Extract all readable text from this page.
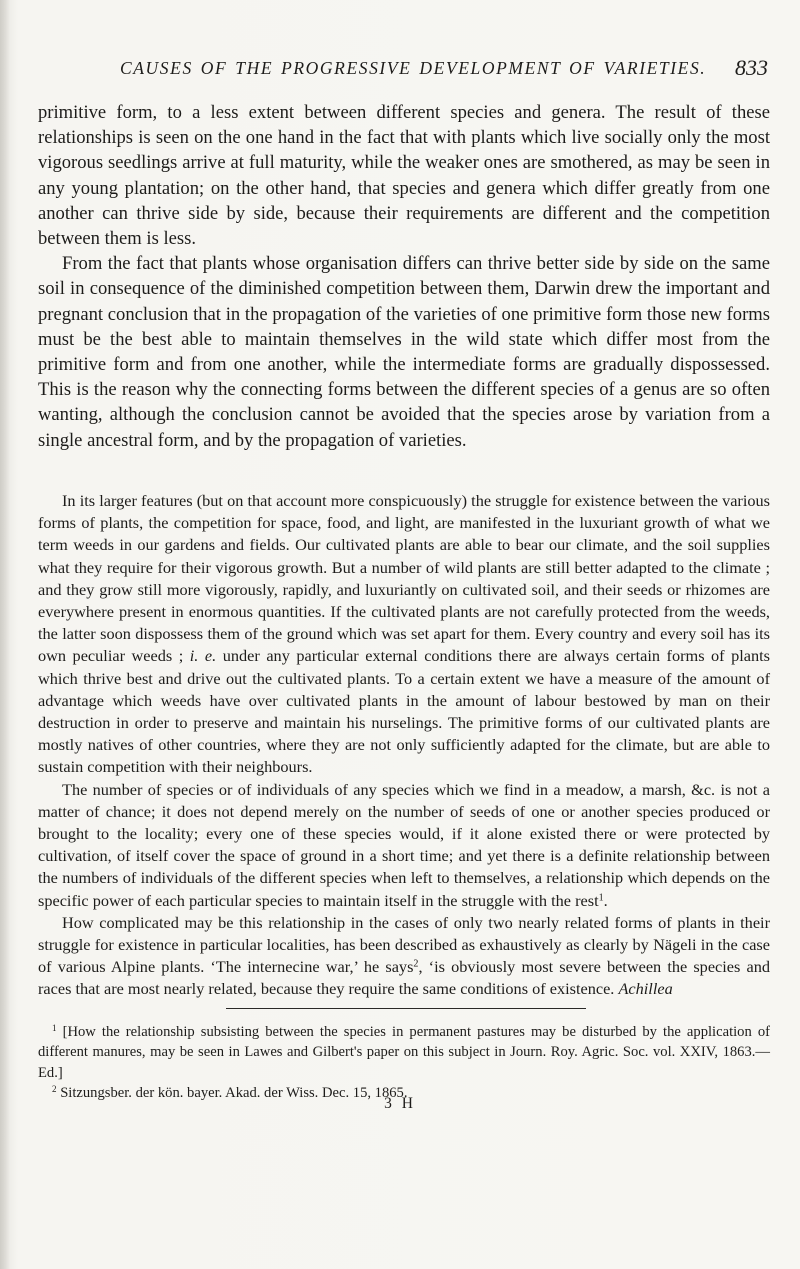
CAUSES OF THE PROGRESSIVE DEVELOPMENT OF VARIETIES. 833

primitive form, to a less extent between different species and genera. The result of these relationships is seen on the one hand in the fact that with plants which live socially only the most vigorous seedlings arrive at full maturity, while the weaker ones are smothered, as may be seen in any young plantation; on the other hand, that species and genera which differ greatly from one another can thrive side by side, because their requirements are different and the competition between them is less.

From the fact that plants whose organisation differs can thrive better side by side on the same soil in consequence of the diminished competition between them, Darwin drew the important and pregnant conclusion that in the propagation of the varieties of one primitive form those new forms must be the best able to maintain themselves in the wild state which differ most from the primitive form and from one another, while the intermediate forms are gradually dispossessed. This is the reason why the connecting forms between the different species of a genus are so often wanting, although the conclusion cannot be avoided that the species arose by variation from a single ancestral form, and by the propagation of varieties.

In its larger features (but on that account more conspicuously) the struggle for existence between the various forms of plants, the competition for space, food, and light, are manifested in the luxuriant growth of what we term weeds in our gardens and fields. Our cultivated plants are able to bear our climate, and the soil supplies what they require for their vigorous growth. But a number of wild plants are still better adapted to the climate ; and they grow still more vigorously, rapidly, and luxuriantly on cultivated soil, and their seeds or rhizomes are everywhere present in enormous quantities. If the cultivated plants are not carefully protected from the weeds, the latter soon dispossess them of the ground which was set apart for them. Every country and every soil has its own peculiar weeds ; i. e. under any particular external conditions there are always certain forms of plants which thrive best and drive out the cultivated plants. To a certain extent we have a measure of the amount of advantage which weeds have over cultivated plants in the amount of labour bestowed by man on their destruction in order to preserve and maintain his nurselings. The primitive forms of our cultivated plants are mostly natives of other countries, where they are not only sufficiently adapted for the climate, but are able to sustain competition with their neighbours.

The number of species or of individuals of any species which we find in a meadow, a marsh, &c. is not a matter of chance; it does not depend merely on the number of seeds of one or another species produced or brought to the locality; every one of these species would, if it alone existed there or were protected by cultivation, of itself cover the space of ground in a short time; and yet there is a definite relationship between the numbers of individuals of the different species when left to themselves, a relationship which depends on the specific power of each particular species to maintain itself in the struggle with the rest$^1$.

How complicated may be this relationship in the cases of only two nearly related forms of plants in their struggle for existence in particular localities, has been described as exhaustively as clearly by Nägeli in the case of various Alpine plants. ‘The internecine war,’ he says$^2$, ‘is obviously most severe between the species and races that are most nearly related, because they require the same conditions of existence. Achillea

$^1$ [How the relationship subsisting between the species in permanent pastures may be disturbed by the application of different manures, may be seen in Lawes and Gilbert's paper on this subject in Journ. Roy. Agric. Soc. vol. XXIV, 1863.—Ed.]

$^2$ Sitzungsber. der kön. bayer. Akad. der Wiss. Dec. 15, 1865.

3 H
